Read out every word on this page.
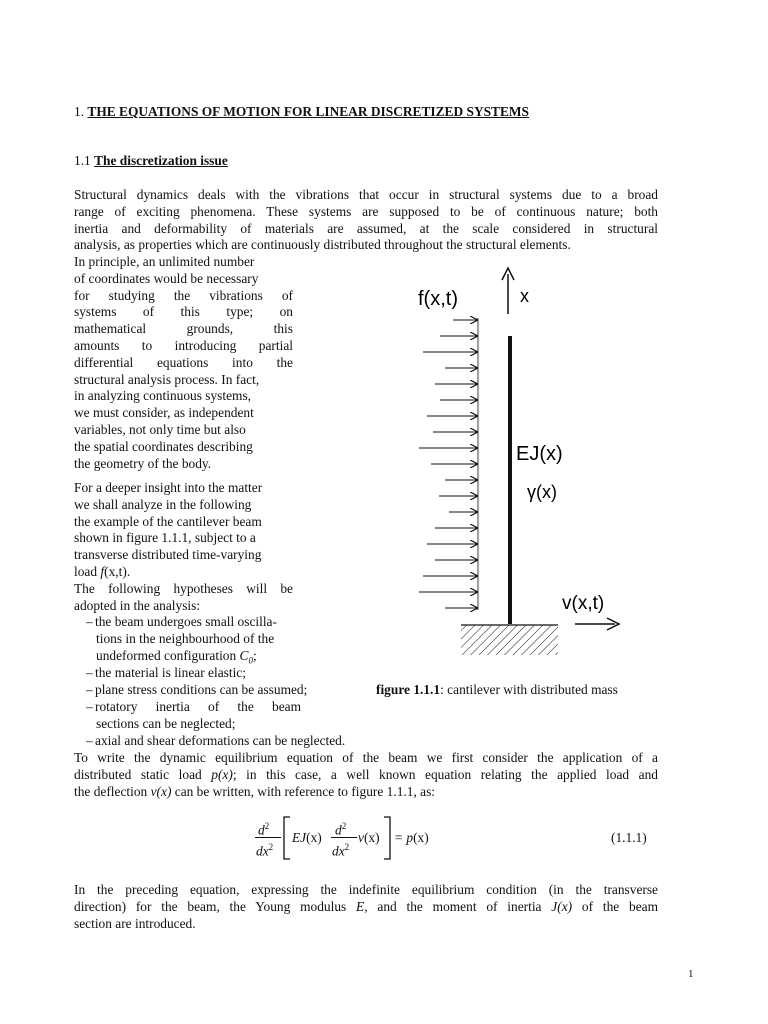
1. THE EQUATIONS OF MOTION FOR LINEAR DISCRETIZED SYSTEMS
1.1 The discretization issue
Structural dynamics deals with the vibrations that occur in structural systems due to a broad
range of exciting phenomena. These systems are supposed to be of continuous nature; both
inertia and deformability of materials are assumed, at the scale considered in structural
analysis, as properties which are continuously distributed throughout the structural elements.
In principle, an unlimited number
of coordinates would be necessary
for studying the vibrations of
systems of this type; on
mathematical grounds, this
amounts to introducing partial
differential equations into the
structural analysis process. In fact,
in analyzing continuous systems,
we must consider, as independent
variables, not only time but also
the spatial coordinates describing
the geometry of the body.
For a deeper insight into the matter
we shall analyze in the following
the example of the cantilever beam
shown in figure 1.1.1, subject to a
transverse distributed time-varying
load f(x,t).
The following hypotheses will be
adopted in the analysis:
– the beam undergoes small oscilla-
tions in the neighbourhood of the
undeformed configuration $C_0$;
– the material is linear elastic;
– plane stress conditions can be assumed;
– rotatory inertia of the beam
sections can be neglected;
– axial and shear deformations can be neglected.
f(x,t)	x
EJ(x)
γ(x)
v(x,t)
figure 1.1.1: cantilever with distributed mass
To write the dynamic equilibrium equation of the beam we first consider the application of a
distributed static load p(x); in this case, a well known equation relating the applied load and
the deflection v(x) can be written, with reference to figure 1.1.1, as:
$d^2$
$dx^2$
EJ(x)
$d^2$
$dx^2$
v(x) = p(x)	(1.1.1)
In the preceding equation, expressing the indefinite equilibrium condition (in the transverse
direction) for the beam, the Young modulus E, and the moment of inertia J(x) of the beam
section are introduced.
1
